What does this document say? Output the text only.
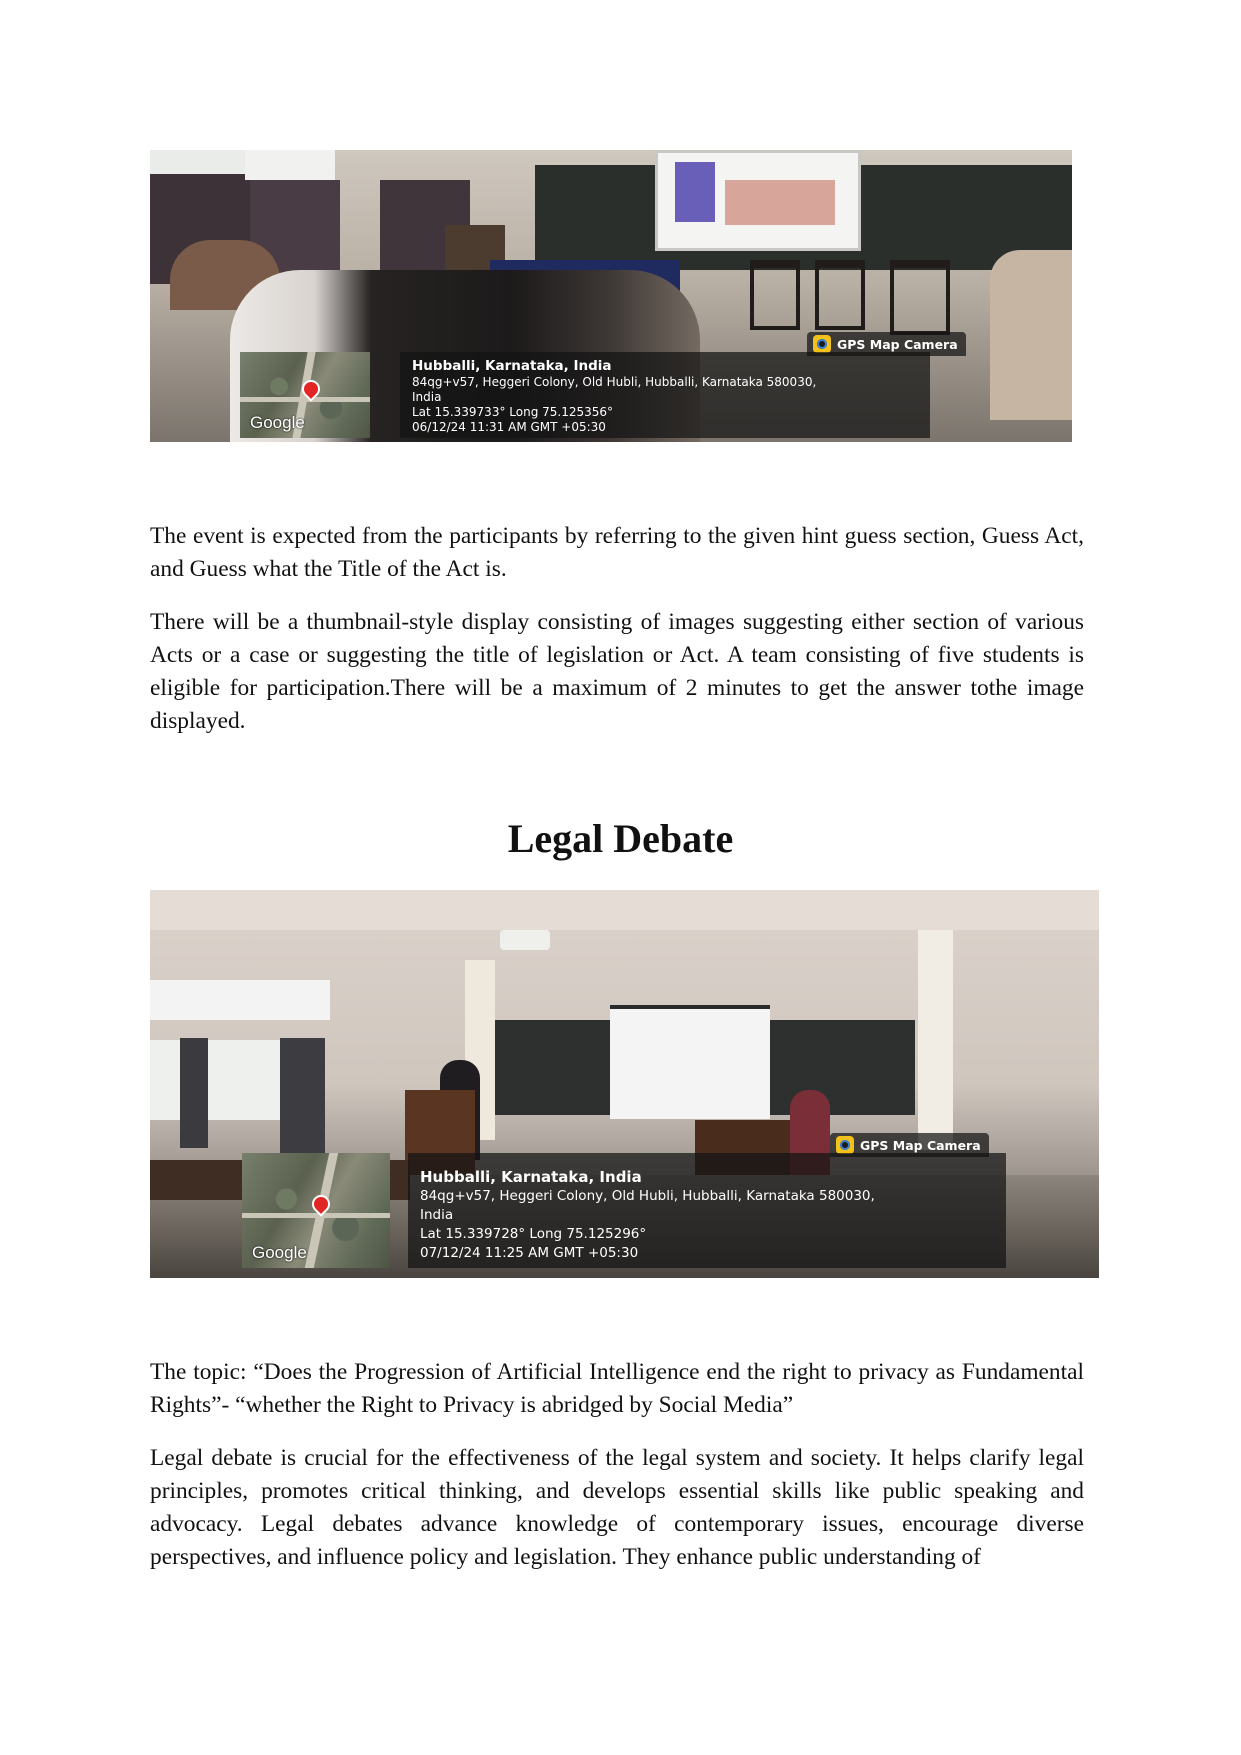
GPS Map Camera
Google
Hubballi, Karnataka, India
84qg+v57, Heggeri Colony, Old Hubli, Hubballi, Karnataka 580030,
India
Lat 15.339733° Long 75.125356°
06/12/24 11:31 AM GMT +05:30

The event is expected from the participants by referring to the given hint guess section, Guess Act, and Guess what the Title of the Act is.

There will be a thumbnail-style display consisting of images suggesting either section of various Acts or a case or suggesting the title of legislation or Act. A team consisting of five students is eligible for participation.There will be a maximum of 2 minutes to get the answer tothe image displayed.

Legal Debate
GPS Map Camera
Google
Hubballi, Karnataka, India
84qg+v57, Heggeri Colony, Old Hubli, Hubballi, Karnataka 580030,
India
Lat 15.339728° Long 75.125296°
07/12/24 11:25 AM GMT +05:30

The topic: “Does the Progression of Artificial Intelligence end the right to privacy as Fundamental Rights”- “whether the Right to Privacy is abridged by Social Media”

Legal debate is crucial for the effectiveness of the legal system and society. It helps clarify legal principles, promotes critical thinking, and develops essential skills like public speaking and advocacy. Legal debates advance knowledge of contemporary issues, encourage diverse perspectives, and influence policy and legislation. They enhance public understanding of
